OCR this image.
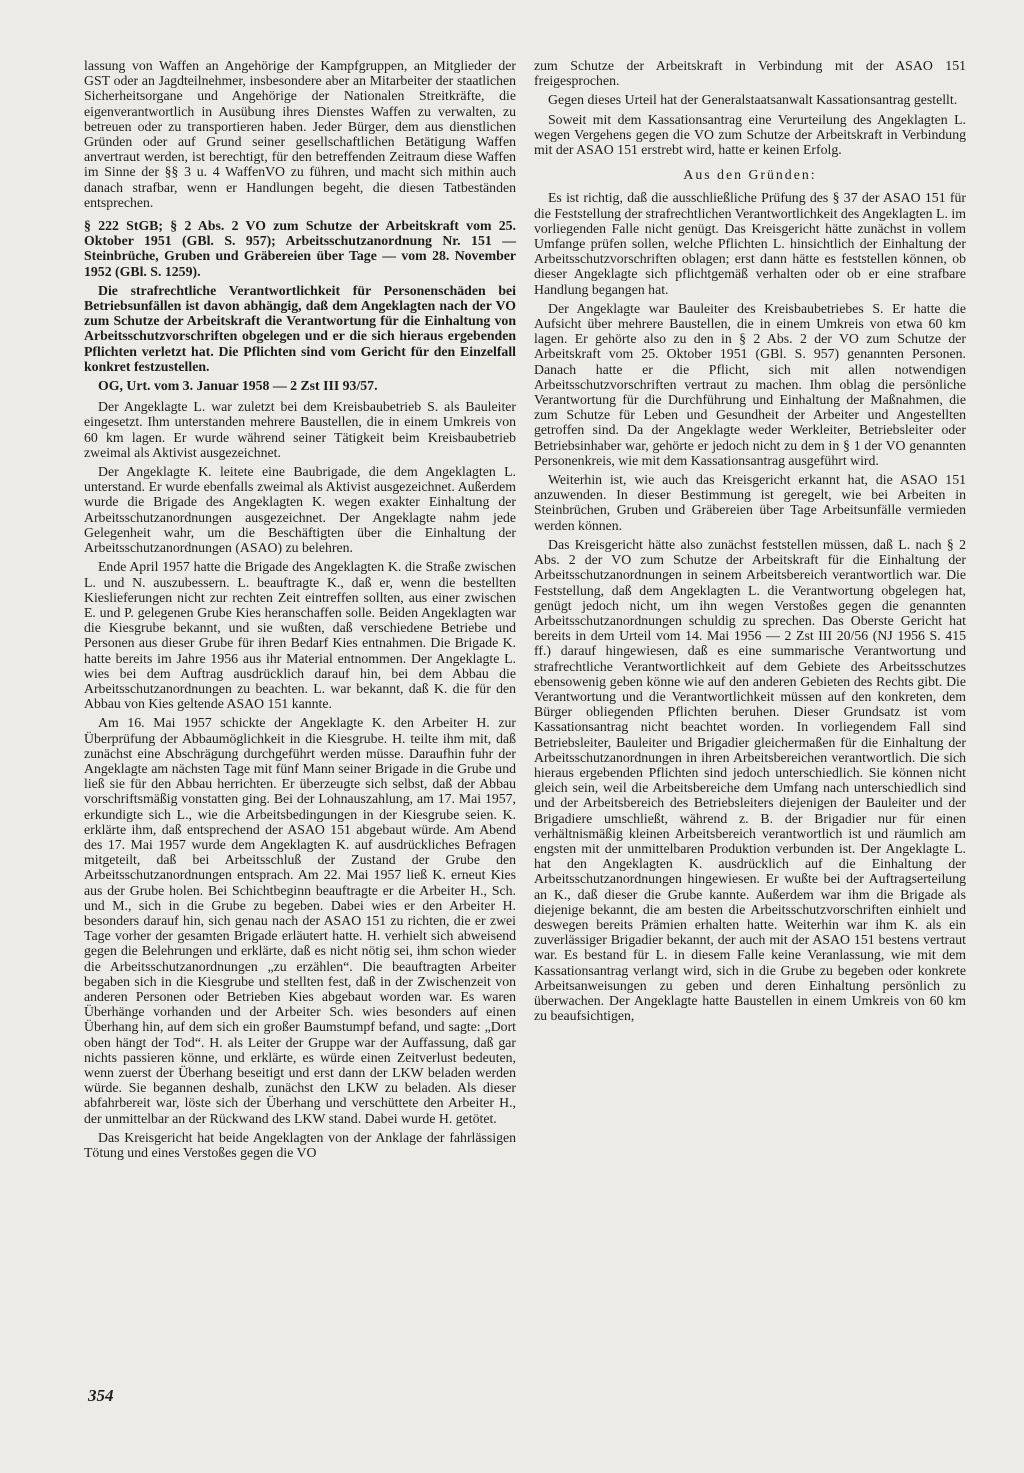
lassung von Waffen an Angehörige der Kampfgruppen, an Mitglieder der GST oder an Jagdteilnehmer, insbesondere aber an Mitarbeiter der staatlichen Sicherheitsorgane und Angehörige der Nationalen Streitkräfte, die eigenverantwortlich in Ausübung ihres Dienstes Waffen zu verwalten, zu betreuen oder zu transportieren haben. Jeder Bürger, dem aus dienstlichen Gründen oder auf Grund seiner gesellschaftlichen Betätigung Waffen anvertraut werden, ist berechtigt, für den betreffenden Zeitraum diese Waffen im Sinne der §§ 3 u. 4 WaffenVO zu führen, und macht sich mithin auch danach strafbar, wenn er Handlungen begeht, die diesen Tatbeständen entsprechen.

§ 222 StGB; § 2 Abs. 2 VO zum Schutze der Arbeitskraft vom 25. Oktober 1951 (GBl. S. 957); Arbeitsschutzanordnung Nr. 151 — Steinbrüche, Gruben und Gräbereien über Tage — vom 28. November 1952 (GBl. S. 1259).

Die strafrechtliche Verantwortlichkeit für Personenschäden bei Betriebsunfällen ist davon abhängig, daß dem Angeklagten nach der VO zum Schutze der Arbeitskraft die Verantwortung für die Einhaltung von Arbeitsschutzvorschriften obgelegen und er die sich hieraus ergebenden Pflichten verletzt hat. Die Pflichten sind vom Gericht für den Einzelfall konkret festzustellen.

OG, Urt. vom 3. Januar 1958 — 2 Zst III 93/57.

Der Angeklagte L. war zuletzt bei dem Kreisbaubetrieb S. als Bauleiter eingesetzt. Ihm unterstanden mehrere Baustellen, die in einem Umkreis von 60 km lagen. Er wurde während seiner Tätigkeit beim Kreisbaubetrieb zweimal als Aktivist ausgezeichnet.

Der Angeklagte K. leitete eine Baubrigade, die dem Angeklagten L. unterstand. Er wurde ebenfalls zweimal als Aktivist ausgezeichnet. Außerdem wurde die Brigade des Angeklagten K. wegen exakter Einhaltung der Arbeitsschutzanordnungen ausgezeichnet. Der Angeklagte nahm jede Gelegenheit wahr, um die Beschäftigten über die Einhaltung der Arbeitsschutzanordnungen (ASAO) zu belehren.

Ende April 1957 hatte die Brigade des Angeklagten K. die Straße zwischen L. und N. auszubessern. L. beauftragte K., daß er, wenn die bestellten Kieslieferungen nicht zur rechten Zeit eintreffen sollten, aus einer zwischen E. und P. gelegenen Grube Kies heranschaffen solle. Beiden Angeklagten war die Kiesgrube bekannt, und sie wußten, daß verschiedene Betriebe und Personen aus dieser Grube für ihren Bedarf Kies entnahmen. Die Brigade K. hatte bereits im Jahre 1956 aus ihr Material entnommen. Der Angeklagte L. wies bei dem Auftrag ausdrücklich darauf hin, bei dem Abbau die Arbeitsschutzanordnungen zu beachten. L. war bekannt, daß K. die für den Abbau von Kies geltende ASAO 151 kannte.

Am 16. Mai 1957 schickte der Angeklagte K. den Arbeiter H. zur Überprüfung der Abbaumöglichkeit in die Kiesgrube. H. teilte ihm mit, daß zunächst eine Abschrägung durchgeführt werden müsse. Daraufhin fuhr der Angeklagte am nächsten Tage mit fünf Mann seiner Brigade in die Grube und ließ sie für den Abbau herrichten. Er überzeugte sich selbst, daß der Abbau vorschriftsmäßig vonstatten ging. Bei der Lohnauszahlung, am 17. Mai 1957, erkundigte sich L., wie die Arbeitsbedingungen in der Kiesgrube seien. K. erklärte ihm, daß entsprechend der ASAO 151 abgebaut würde. Am Abend des 17. Mai 1957 wurde dem Angeklagten K. auf ausdrückliches Befragen mitgeteilt, daß bei Arbeitsschluß der Zustand der Grube den Arbeitsschutzanordnungen entsprach. Am 22. Mai 1957 ließ K. erneut Kies aus der Grube holen. Bei Schichtbeginn beauftragte er die Arbeiter H., Sch. und M., sich in die Grube zu begeben. Dabei wies er den Arbeiter H. besonders darauf hin, sich genau nach der ASAO 151 zu richten, die er zwei Tage vorher der gesamten Brigade erläutert hatte. H. verhielt sich abweisend gegen die Belehrungen und erklärte, daß es nicht nötig sei, ihm schon wieder die Arbeitsschutzanordnungen „zu erzählen“. Die beauftragten Arbeiter begaben sich in die Kiesgrube und stellten fest, daß in der Zwischenzeit von anderen Personen oder Betrieben Kies abgebaut worden war. Es waren Überhänge vorhanden und der Arbeiter Sch. wies besonders auf einen Überhang hin, auf dem sich ein großer Baumstumpf befand, und sagte: „Dort oben hängt der Tod“. H. als Leiter der Gruppe war der Auffassung, daß gar nichts passieren könne, und erklärte, es würde einen Zeitverlust bedeuten, wenn zuerst der Überhang beseitigt und erst dann der LKW beladen werden würde. Sie begannen deshalb, zunächst den LKW zu beladen. Als dieser abfahrbereit war, löste sich der Überhang und verschüttete den Arbeiter H., der unmittelbar an der Rückwand des LKW stand. Dabei wurde H. getötet.

Das Kreisgericht hat beide Angeklagten von der Anklage der fahrlässigen Tötung und eines Verstoßes gegen die VO

zum Schutze der Arbeitskraft in Verbindung mit der ASAO 151 freigesprochen.

Gegen dieses Urteil hat der Generalstaatsanwalt Kassationsantrag gestellt.

Soweit mit dem Kassationsantrag eine Verurteilung des Angeklagten L. wegen Vergehens gegen die VO zum Schutze der Arbeitskraft in Verbindung mit der ASAO 151 erstrebt wird, hatte er keinen Erfolg.

Aus den Gründen:

Es ist richtig, daß die ausschließliche Prüfung des § 37 der ASAO 151 für die Feststellung der strafrechtlichen Verantwortlichkeit des Angeklagten L. im vorliegenden Falle nicht genügt. Das Kreisgericht hätte zunächst in vollem Umfange prüfen sollen, welche Pflichten L. hinsichtlich der Einhaltung der Arbeitsschutzvorschriften oblagen; erst dann hätte es feststellen können, ob dieser Angeklagte sich pflichtgemäß verhalten oder ob er eine strafbare Handlung begangen hat.

Der Angeklagte war Bauleiter des Kreisbaubetriebes S. Er hatte die Aufsicht über mehrere Baustellen, die in einem Umkreis von etwa 60 km lagen. Er gehörte also zu den in § 2 Abs. 2 der VO zum Schutze der Arbeitskraft vom 25. Oktober 1951 (GBl. S. 957) genannten Personen. Danach hatte er die Pflicht, sich mit allen notwendigen Arbeitsschutzvorschriften vertraut zu machen. Ihm oblag die persönliche Verantwortung für die Durchführung und Einhaltung der Maßnahmen, die zum Schutze für Leben und Gesundheit der Arbeiter und Angestellten getroffen sind. Da der Angeklagte weder Werkleiter, Betriebsleiter oder Betriebsinhaber war, gehörte er jedoch nicht zu dem in § 1 der VO genannten Personenkreis, wie mit dem Kassationsantrag ausgeführt wird.

Weiterhin ist, wie auch das Kreisgericht erkannt hat, die ASAO 151 anzuwenden. In dieser Bestimmung ist geregelt, wie bei Arbeiten in Steinbrüchen, Gruben und Gräbereien über Tage Arbeitsunfälle vermieden werden können.

Das Kreisgericht hätte also zunächst feststellen müssen, daß L. nach § 2 Abs. 2 der VO zum Schutze der Arbeitskraft für die Einhaltung der Arbeitsschutzanordnungen in seinem Arbeitsbereich verantwortlich war. Die Feststellung, daß dem Angeklagten L. die Verantwortung obgelegen hat, genügt jedoch nicht, um ihn wegen Verstoßes gegen die genannten Arbeitsschutzanordnungen schuldig zu sprechen. Das Oberste Gericht hat bereits in dem Urteil vom 14. Mai 1956 — 2 Zst III 20/56 (NJ 1956 S. 415 ff.) darauf hingewiesen, daß es eine summarische Verantwortung und strafrechtliche Verantwortlichkeit auf dem Gebiete des Arbeitsschutzes ebensowenig geben könne wie auf den anderen Gebieten des Rechts gibt. Die Verantwortung und die Verantwortlichkeit müssen auf den konkreten, dem Bürger obliegenden Pflichten beruhen. Dieser Grundsatz ist vom Kassationsantrag nicht beachtet worden. In vorliegendem Fall sind Betriebsleiter, Bauleiter und Brigadier gleichermaßen für die Einhaltung der Arbeitsschutzanordnungen in ihren Arbeitsbereichen verantwortlich. Die sich hieraus ergebenden Pflichten sind jedoch unterschiedlich. Sie können nicht gleich sein, weil die Arbeitsbereiche dem Umfang nach unterschiedlich sind und der Arbeitsbereich des Betriebsleiters diejenigen der Bauleiter und der Brigadiere umschließt, während z. B. der Brigadier nur für einen verhältnismäßig kleinen Arbeitsbereich verantwortlich ist und räumlich am engsten mit der unmittelbaren Produktion verbunden ist. Der Angeklagte L. hat den Angeklagten K. ausdrücklich auf die Einhaltung der Arbeitsschutzanordnungen hingewiesen. Er wußte bei der Auftragserteilung an K., daß dieser die Grube kannte. Außerdem war ihm die Brigade als diejenige bekannt, die am besten die Arbeitsschutzvorschriften einhielt und deswegen bereits Prämien erhalten hatte. Weiterhin war ihm K. als ein zuverlässiger Brigadier bekannt, der auch mit der ASAO 151 bestens vertraut war. Es bestand für L. in diesem Falle keine Veranlassung, wie mit dem Kassationsantrag verlangt wird, sich in die Grube zu begeben oder konkrete Arbeitsanweisungen zu geben und deren Einhaltung persönlich zu überwachen. Der Angeklagte hatte Baustellen in einem Umkreis von 60 km zu beaufsichtigen,

354
